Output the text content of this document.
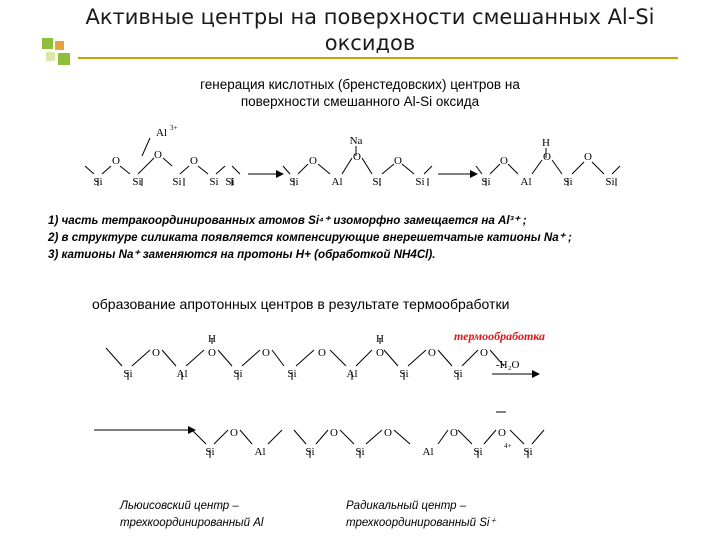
Активные центры на поверхности смешанных Al-Si
оксидов
генерация кислотных (бренстедовских) центров на
поверхности смешанного Al-Si оксида
Si
O
Si
O
Si
O
Si Si	Si
O
Al
O
Si
O
Si	Si
O
Al
O
Si
O
Si
Na	H
Al 3+
1) часть тетракоординированных атомов Si⁴⁺ изоморфно замещается на Al³⁺ ;
2) в структуре силиката появляется компенсирующие внерешетчатые катионы Na⁺ ;
3) катионы Na⁺ заменяются на протоны H+ (обработкой NH4Cl).
образование апротонных центров в результате термообработки
Si
O
Al
O
H
Si
O
Si
O
Al
O
H
Si
O
Si
O
Si
O
Al	Si
O
Si
O
Al
O
Si
O
Si
4+
термообработка
-H₂O
Льюисовский центр –
трехкоординированный Al
Радикальный центр –
трехкоординированный Si⁺
